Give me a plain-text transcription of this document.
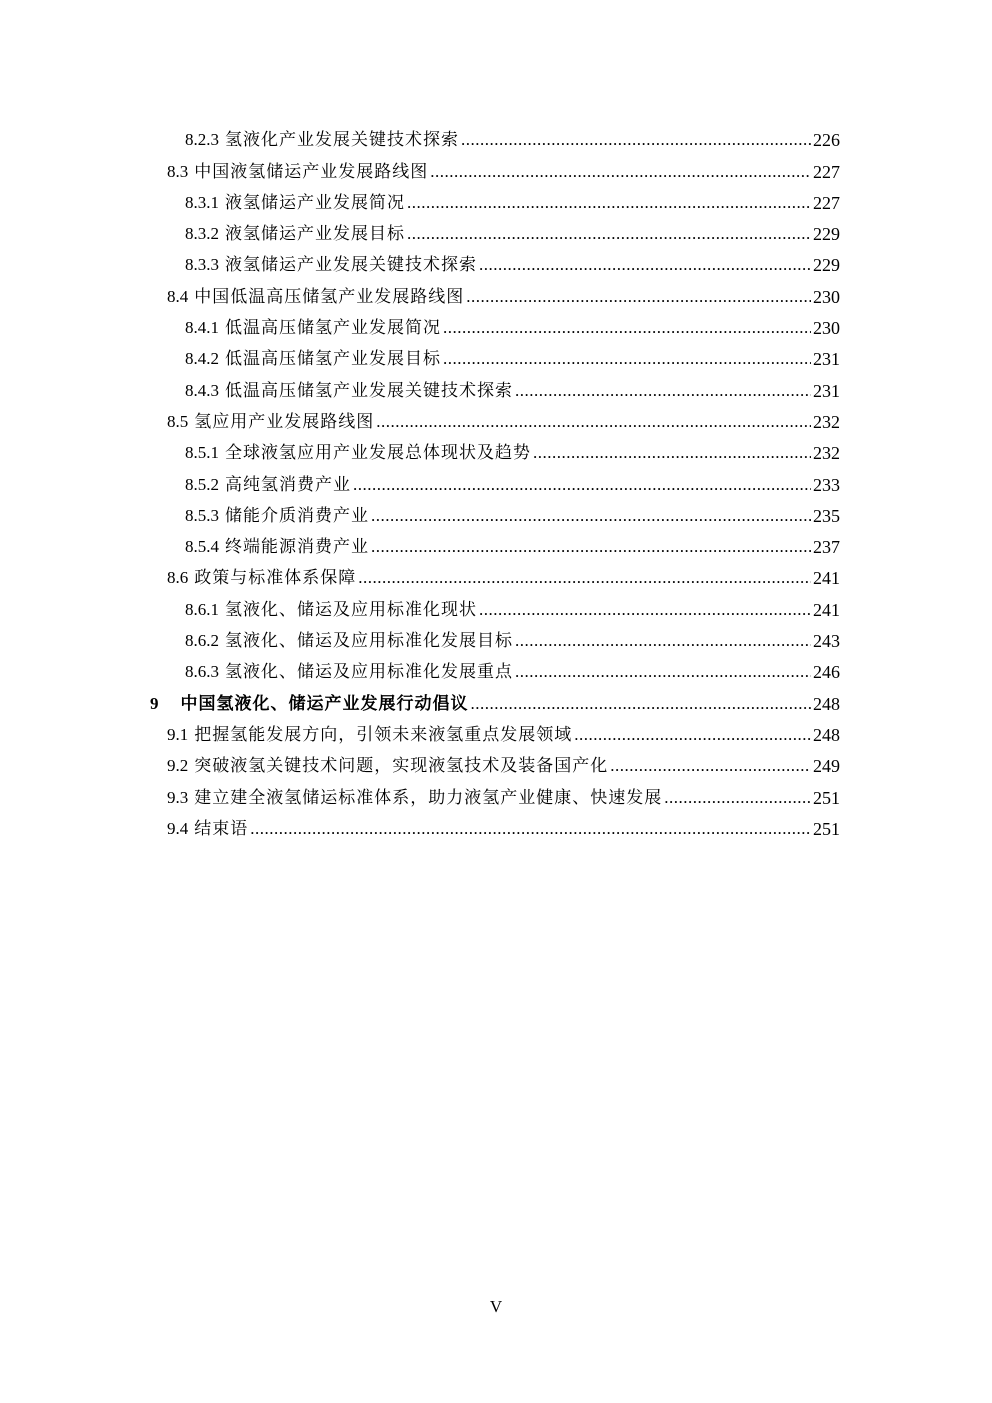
8.2.3 氢液化产业发展关键技术探索 .....	226
8.3 中国液氢储运产业发展路线图 .....	227
8.3.1 液氢储运产业发展简况 .....	227
8.3.2 液氢储运产业发展目标 .....	229
8.3.3 液氢储运产业发展关键技术探索 .....	229
8.4 中国低温高压储氢产业发展路线图 .....	230
8.4.1 低温高压储氢产业发展简况 .....	230
8.4.2 低温高压储氢产业发展目标 .....	231
8.4.3 低温高压储氢产业发展关键技术探索 .....	231
8.5 氢应用产业发展路线图 .....	232
8.5.1 全球液氢应用产业发展总体现状及趋势 .....	232
8.5.2 高纯氢消费产业 .....	233
8.5.3 储能介质消费产业 .....	235
8.5.4 终端能源消费产业 .....	237
8.6 政策与标准体系保障 .....	241
8.6.1 氢液化、储运及应用标准化现状 .....	241
8.6.2 氢液化、储运及应用标准化发展目标 .....	243
8.6.3 氢液化、储运及应用标准化发展重点 .....	246
9 中国氢液化、储运产业发展行动倡议 .....	248
9.1 把握氢能发展方向，引领未来液氢重点发展领域 .....	248
9.2 突破液氢关键技术问题，实现液氢技术及装备国产化 .....	249
9.3 建立建全液氢储运标准体系，助力液氢产业健康、快速发展 .....	251
9.4 结束语 .....	251
V
